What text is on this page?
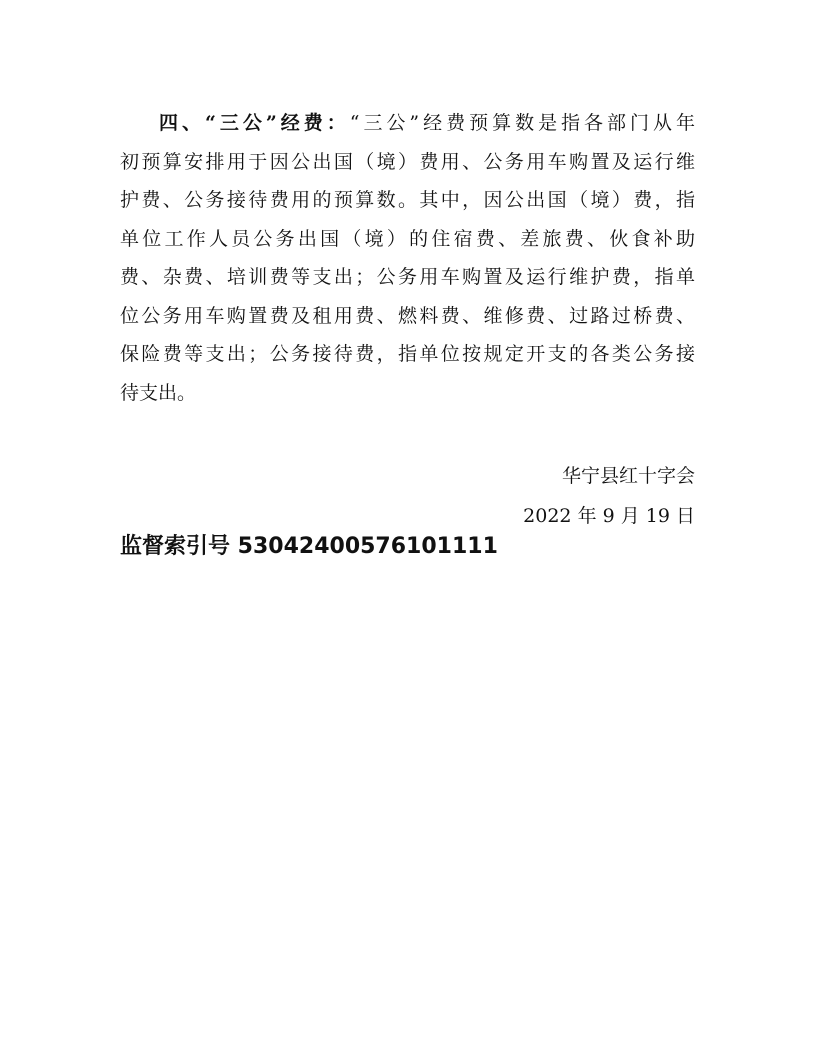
四、“三公”经费：“三公”经费预算数是指各部门从年
初预算安排用于因公出国（境）费用、公务用车购置及运行维
护费、公务接待费用的预算数。其中，因公出国（境）费，指
单位工作人员公务出国（境）的住宿费、差旅费、伙食补助
费、杂费、培训费等支出；公务用车购置及运行维护费，指单
位公务用车购置费及租用费、燃料费、维修费、过路过桥费、
保险费等支出；公务接待费，指单位按规定开支的各类公务接
待支出。
华宁县红十字会
2022 年 9 月 19 日
监督索引号 53042400576101111
